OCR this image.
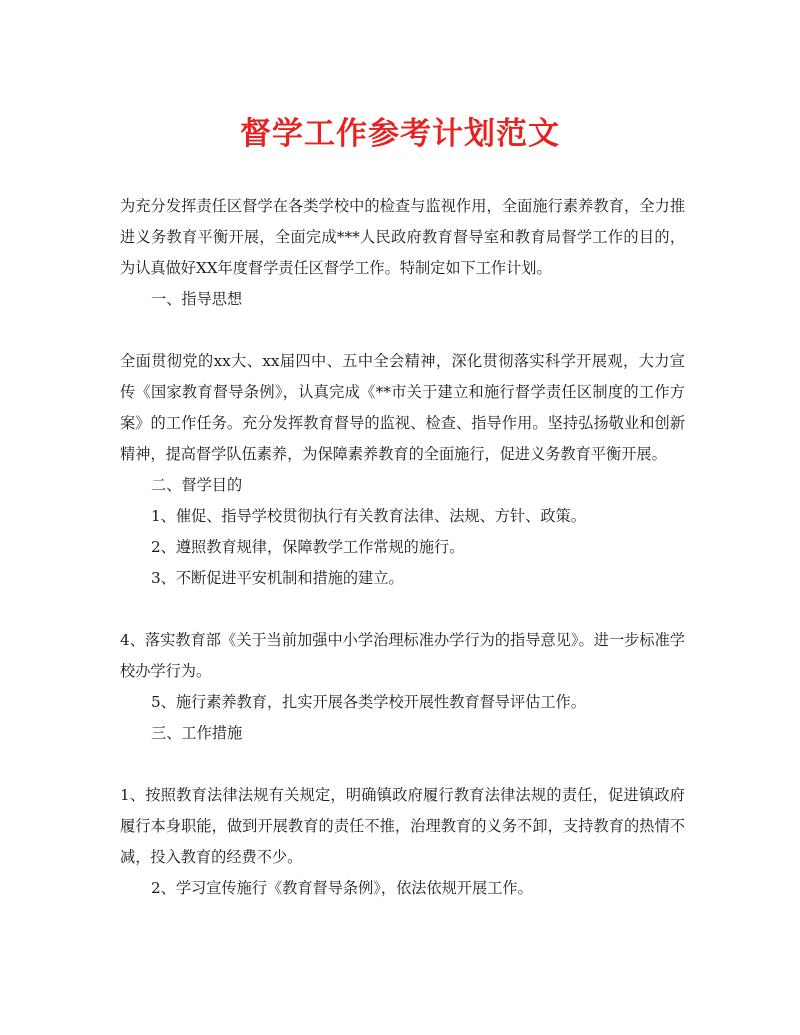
督学工作参考计划范文

为充分发挥责任区督学在各类学校中的检查与监视作用，全面施行素养教育，全力推进义务教育平衡开展，全面完成***人民政府教育督导室和教育局督学工作的目的，为认真做好XX年度督学责任区督学工作。特制定如下工作计划。

一、指导思想

全面贯彻党的xx大、xx届四中、五中全会精神，深化贯彻落实科学开展观，大力宣传《国家教育督导条例》，认真完成《**市关于建立和施行督学责任区制度的工作方案》的工作任务。充分发挥教育督导的监视、检查、指导作用。坚持弘扬敬业和创新精神，提高督学队伍素养，为保障素养教育的全面施行，促进义务教育平衡开展。

二、督学目的

1、催促、指导学校贯彻执行有关教育法律、法规、方针、政策。

2、遵照教育规律，保障教学工作常规的施行。

3、不断促进平安机制和措施的建立。

4、落实教育部《关于当前加强中小学治理标准办学行为的指导意见》。进一步标准学校办学行为。

5、施行素养教育，扎实开展各类学校开展性教育督导评估工作。

三、工作措施

1、按照教育法律法规有关规定，明确镇政府履行教育法律法规的责任，促进镇政府履行本身职能，做到开展教育的责任不推，治理教育的义务不卸，支持教育的热情不减，投入教育的经费不少。

2、学习宣传施行《教育督导条例》，依法依规开展工作。
